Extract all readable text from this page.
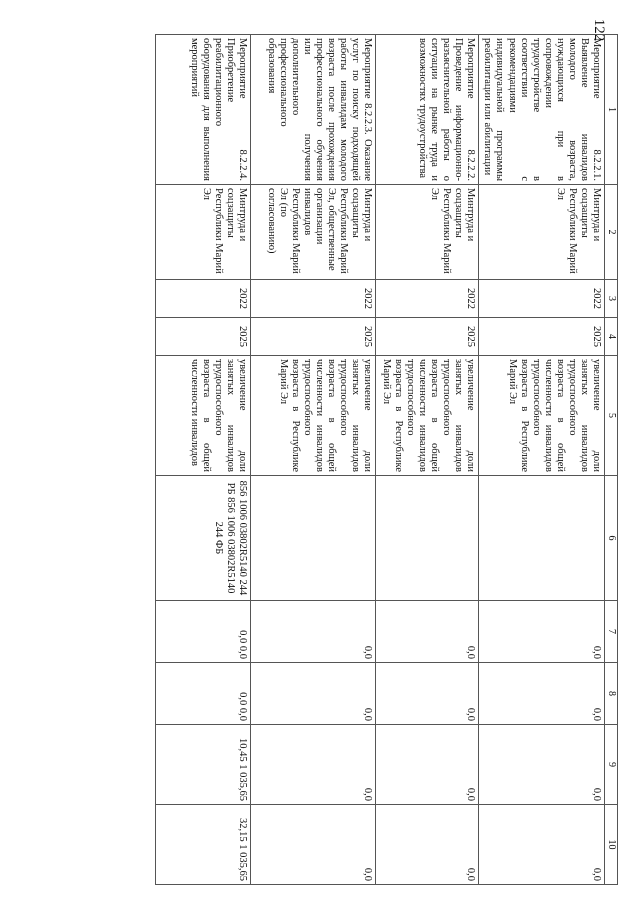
122
1	2	3	4	5	6	7	8	9	10
Мероприятие 8.2.2.1. Выявление инвалидов молодого возраста, нуждающихся при в сопровождении трудоустройстве в соответствии с рекомендациями индивидуальной программы реабилитации или абилитации	Минтруда и соцзащиты Республики Марий Эл	2022	2025	увеличение доли занятых инвалидов трудоспособного возраста в общей численности инвалидов трудоспособного возраста в Республике Марий Эл		0,0	0,0	0,0	0,0
Мероприятие 8.2.2.2. Проведение информационно-разъяснительной работы о ситуации на рынке труда и возможностях трудоустройства	Минтруда и соцзащиты Республики Марий Эл	2022	2025	увеличение доли занятых инвалидов трудоспособного возраста в общей численности инвалидов трудоспособного возраста в Республике Марий Эл		0,0	0,0	0,0	0,0
Мероприятие 8.2.2.3. Оказание услуг по поиску подходящей работы инвалидам молодого возраста после прохождения профессионального обучения или получения дополнительного профессионального образования	Минтруда и соцзащиты Республики Марий Эл, общественные организации инвалидов Республики Марий Эл (по согласованию)	2022	2025	увеличение доли занятых инвалидов трудоспособного возраста в общей численности инвалидов трудоспособного возраста в Республике Марий Эл		0,0	0,0	0,0	0,0
Мероприятие 8.2.2.4. Приобретение реабилитационного оборудования для выполнения мероприятий	Минтруда и соцзащиты Республики Марий Эл	2022	2025	увеличение доли занятых инвалидов трудоспособного возраста в общей численности инвалидов	856 1006 03802R5140 244 РБ 856 1006 03802R5140 244 ФБ	0,0 0,0	0,0 0,0	10,45 1 035,65	32,15 1 035,65
